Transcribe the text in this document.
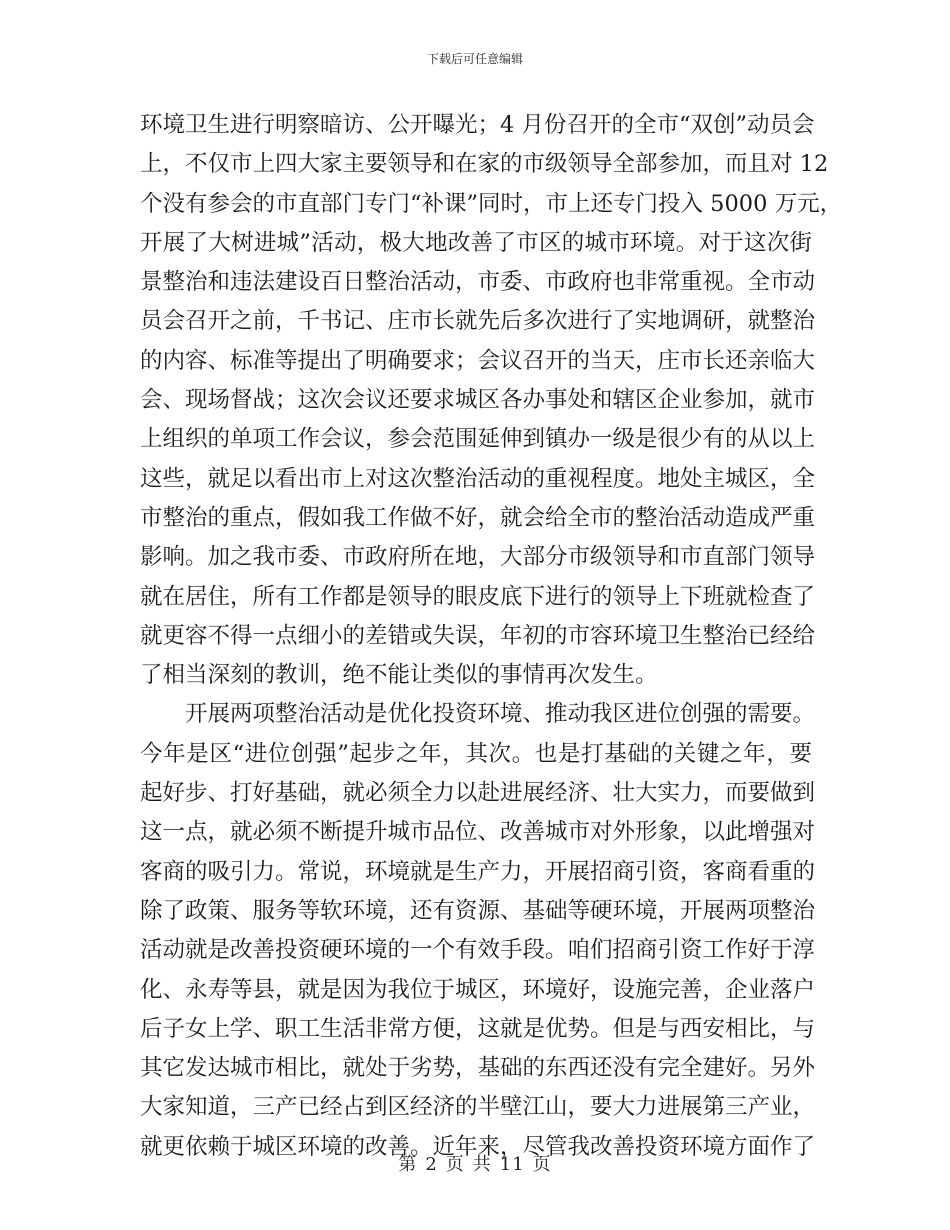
下载后可任意编辑
环境卫生进行明察暗访、公开曝光；4 月份召开的全市“双创”动员会
上，不仅市上四大家主要领导和在家的市级领导全部参加，而且对 12
个没有参会的市直部门专门“补课”同时，市上还专门投入 5000 万元，
开展了大树进城”活动，极大地改善了市区的城市环境。对于这次街
景整治和违法建设百日整治活动，市委、市政府也非常重视。全市动
员会召开之前，千书记、庄市长就先后多次进行了实地调研，就整治
的内容、标准等提出了明确要求；会议召开的当天，庄市长还亲临大
会、现场督战；这次会议还要求城区各办事处和辖区企业参加，就市
上组织的单项工作会议，参会范围延伸到镇办一级是很少有的从以上
这些，就足以看出市上对这次整治活动的重视程度。地处主城区，全
市整治的重点，假如我工作做不好，就会给全市的整治活动造成严重
影响。加之我市委、市政府所在地，大部分市级领导和市直部门领导
就在居住，所有工作都是领导的眼皮底下进行的领导上下班就检查了
就更容不得一点细小的差错或失误，年初的市容环境卫生整治已经给
了相当深刻的教训，绝不能让类似的事情再次发生。
开展两项整治活动是优化投资环境、推动我区进位创强的需要。
今年是区“进位创强”起步之年，其次。也是打基础的关键之年，要
起好步、打好基础，就必须全力以赴进展经济、壮大实力，而要做到
这一点，就必须不断提升城市品位、改善城市对外形象，以此增强对
客商的吸引力。常说，环境就是生产力，开展招商引资，客商看重的
除了政策、服务等软环境，还有资源、基础等硬环境，开展两项整治
活动就是改善投资硬环境的一个有效手段。咱们招商引资工作好于淳
化、永寿等县，就是因为我位于城区，环境好，设施完善，企业落户
后子女上学、职工生活非常方便，这就是优势。但是与西安相比，与
其它发达城市相比，就处于劣势，基础的东西还没有完全建好。另外
大家知道，三产已经占到区经济的半壁江山，要大力进展第三产业，
就更依赖于城区环境的改善。近年来，尽管我改善投资环境方面作了
第 2 页 共 11 页
